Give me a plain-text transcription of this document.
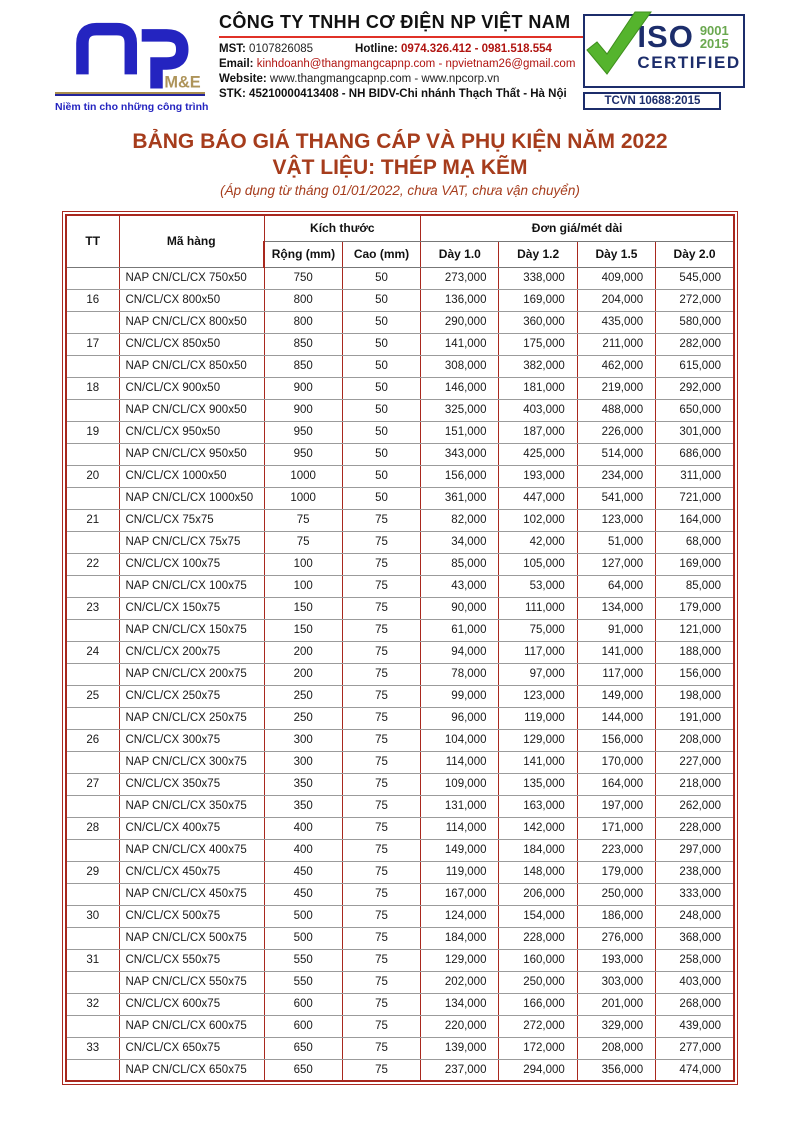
M&E
Niềm tin cho những công trình
CÔNG TY TNHH CƠ ĐIỆN NP VIỆT NAM
MST: 0107826085	Hotline: 0974.326.412 - 0981.518.554
Email: kinhdoanh@thangmangcapnp.com - npvietnam26@gmail.com
Website: www.thangmangcapnp.com - www.npcorp.vn
STK: 45210000413408 - NH BIDV-Chi nhánh Thạch Thất - Hà Nội
ISO 9001
2015
CERTIFIED
TCVN 10688:2015
BẢNG BÁO GIÁ THANG CÁP VÀ PHỤ KIỆN NĂM 2022
VẬT LIỆU: THÉP MẠ KẼM
(Áp dụng từ tháng 01/01/2022, chưa VAT, chưa vận chuyển)
TT	Mã hàng	Kích thước		Đơn giá/mét dài			
		Rộng (mm)	Cao (mm)	Dày 1.0	Dày 1.2	Dày 1.5	Dày 2.0
	NAP CN/CL/CX 750x50	750	50	273,000	338,000	409,000	545,000
16	CN/CL/CX 800x50	800	50	136,000	169,000	204,000	272,000
	NAP CN/CL/CX 800x50	800	50	290,000	360,000	435,000	580,000
17	CN/CL/CX 850x50	850	50	141,000	175,000	211,000	282,000
	NAP CN/CL/CX 850x50	850	50	308,000	382,000	462,000	615,000
18	CN/CL/CX 900x50	900	50	146,000	181,000	219,000	292,000
	NAP CN/CL/CX 900x50	900	50	325,000	403,000	488,000	650,000
19	CN/CL/CX 950x50	950	50	151,000	187,000	226,000	301,000
	NAP CN/CL/CX 950x50	950	50	343,000	425,000	514,000	686,000
20	CN/CL/CX 1000x50	1000	50	156,000	193,000	234,000	311,000
	NAP CN/CL/CX 1000x50	1000	50	361,000	447,000	541,000	721,000
21	CN/CL/CX 75x75	75	75	82,000	102,000	123,000	164,000
	NAP CN/CL/CX 75x75	75	75	34,000	42,000	51,000	68,000
22	CN/CL/CX 100x75	100	75	85,000	105,000	127,000	169,000
	NAP CN/CL/CX 100x75	100	75	43,000	53,000	64,000	85,000
23	CN/CL/CX 150x75	150	75	90,000	111,000	134,000	179,000
	NAP CN/CL/CX 150x75	150	75	61,000	75,000	91,000	121,000
24	CN/CL/CX 200x75	200	75	94,000	117,000	141,000	188,000
	NAP CN/CL/CX 200x75	200	75	78,000	97,000	117,000	156,000
25	CN/CL/CX 250x75	250	75	99,000	123,000	149,000	198,000
	NAP CN/CL/CX 250x75	250	75	96,000	119,000	144,000	191,000
26	CN/CL/CX 300x75	300	75	104,000	129,000	156,000	208,000
	NAP CN/CL/CX 300x75	300	75	114,000	141,000	170,000	227,000
27	CN/CL/CX 350x75	350	75	109,000	135,000	164,000	218,000
	NAP CN/CL/CX 350x75	350	75	131,000	163,000	197,000	262,000
28	CN/CL/CX 400x75	400	75	114,000	142,000	171,000	228,000
	NAP CN/CL/CX 400x75	400	75	149,000	184,000	223,000	297,000
29	CN/CL/CX 450x75	450	75	119,000	148,000	179,000	238,000
	NAP CN/CL/CX 450x75	450	75	167,000	206,000	250,000	333,000
30	CN/CL/CX 500x75	500	75	124,000	154,000	186,000	248,000
	NAP CN/CL/CX 500x75	500	75	184,000	228,000	276,000	368,000
31	CN/CL/CX 550x75	550	75	129,000	160,000	193,000	258,000
	NAP CN/CL/CX 550x75	550	75	202,000	250,000	303,000	403,000
32	CN/CL/CX 600x75	600	75	134,000	166,000	201,000	268,000
	NAP CN/CL/CX 600x75	600	75	220,000	272,000	329,000	439,000
33	CN/CL/CX 650x75	650	75	139,000	172,000	208,000	277,000
	NAP CN/CL/CX 650x75	650	75	237,000	294,000	356,000	474,000
